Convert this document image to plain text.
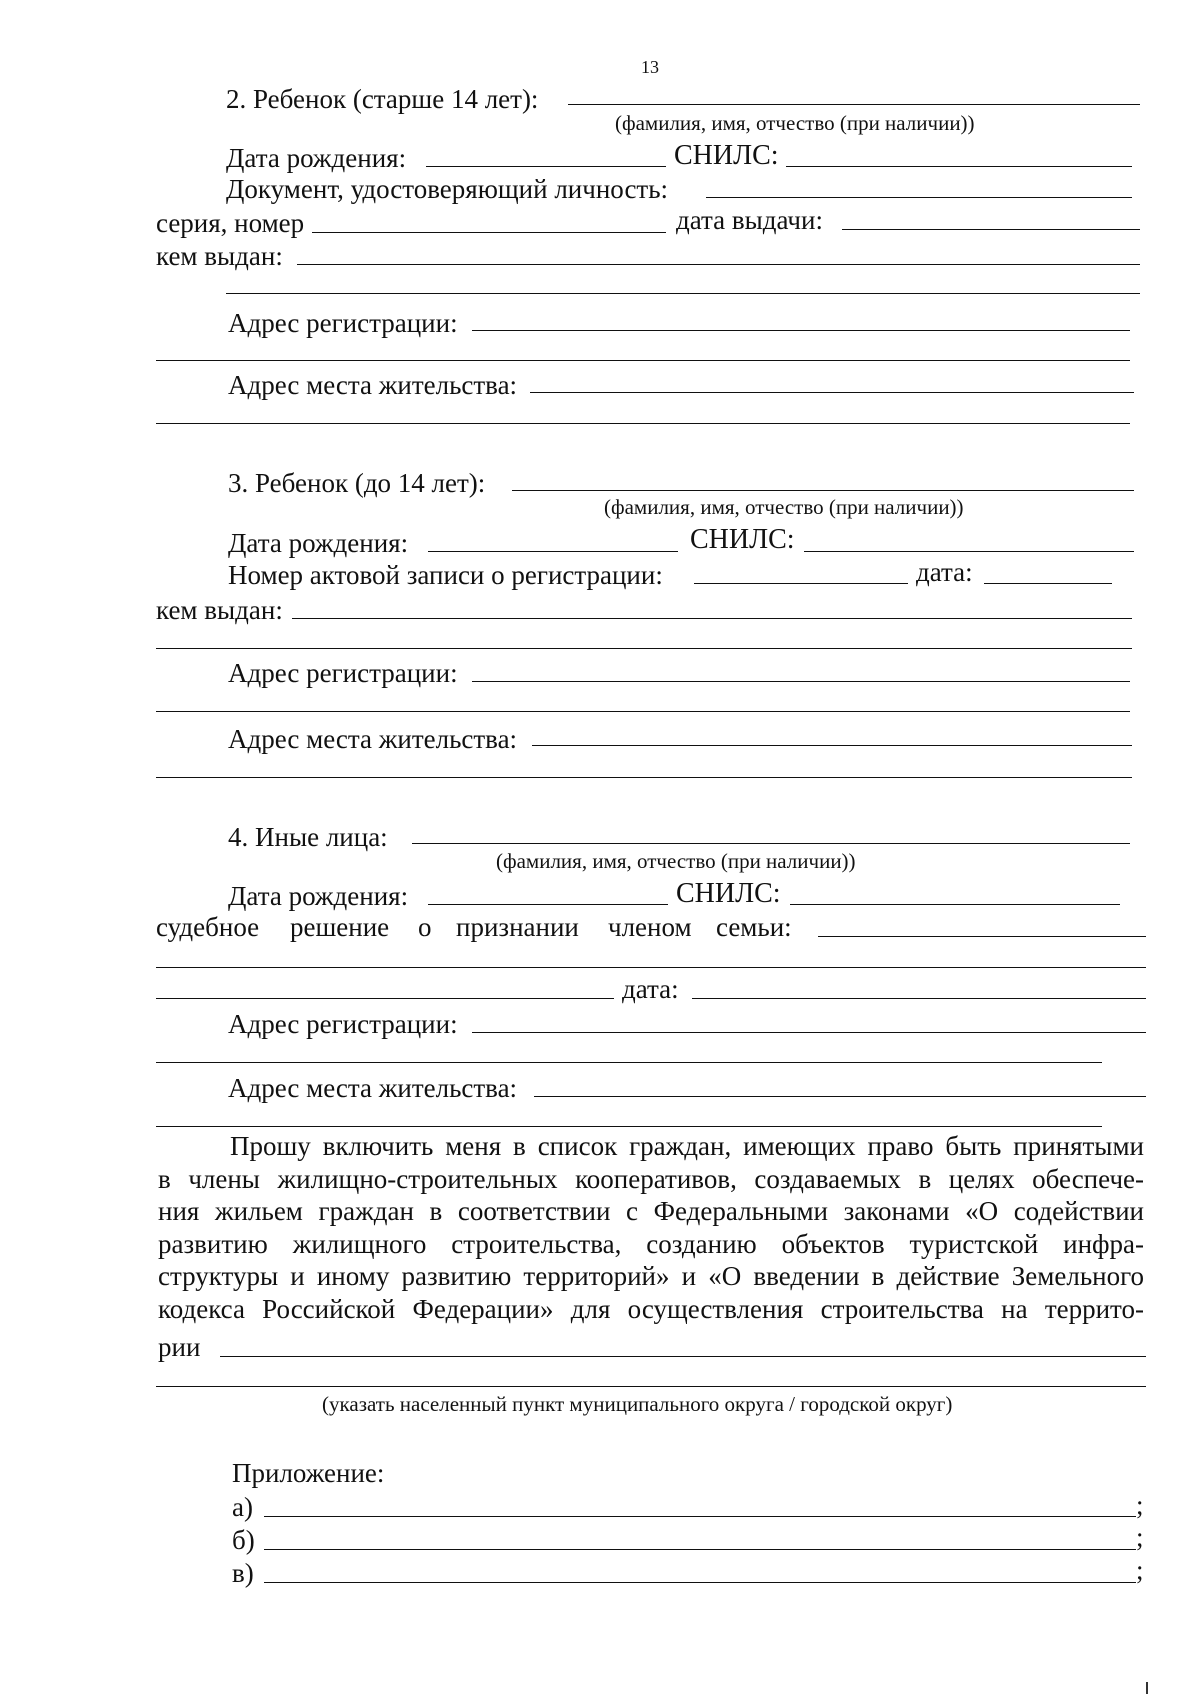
13
2. Ребенок (старше 14 лет):
(фамилия, имя, отчество (при наличии))
Дата рождения:	СНИЛС:
Документ, удостоверяющий личность:
серия, номер	дата выдачи:
кем выдан:
Адрес регистрации:
Адрес места жительства:
3. Ребенок (до 14 лет):
(фамилия, имя, отчество (при наличии))
Дата рождения:	СНИЛС:
Номер актовой записи о регистрации:	дата:
кем выдан:
Адрес регистрации:
Адрес места жительства:
4. Иные лица:
(фамилия, имя, отчество (при наличии))
Дата рождения:	СНИЛС:
судебное решение о признании членом семьи:
дата:
Адрес регистрации:
Адрес места жительства:
Прошу включить меня в список граждан, имеющих право быть принятыми
в члены жилищно-строительных кооперативов, создаваемых в целях обеспече-
ния жильем граждан в соответствии с Федеральными законами «О содействии
развитию жилищного строительства, созданию объектов туристской инфра-
структуры и иному развитию территорий» и «О введении в действие Земельного
кодекса Российской Федерации» для осуществления строительства на террито-
рии
(указать населенный пункт муниципального округа / городской округ)
Приложение:
а)	;
б)	;
в)	;
